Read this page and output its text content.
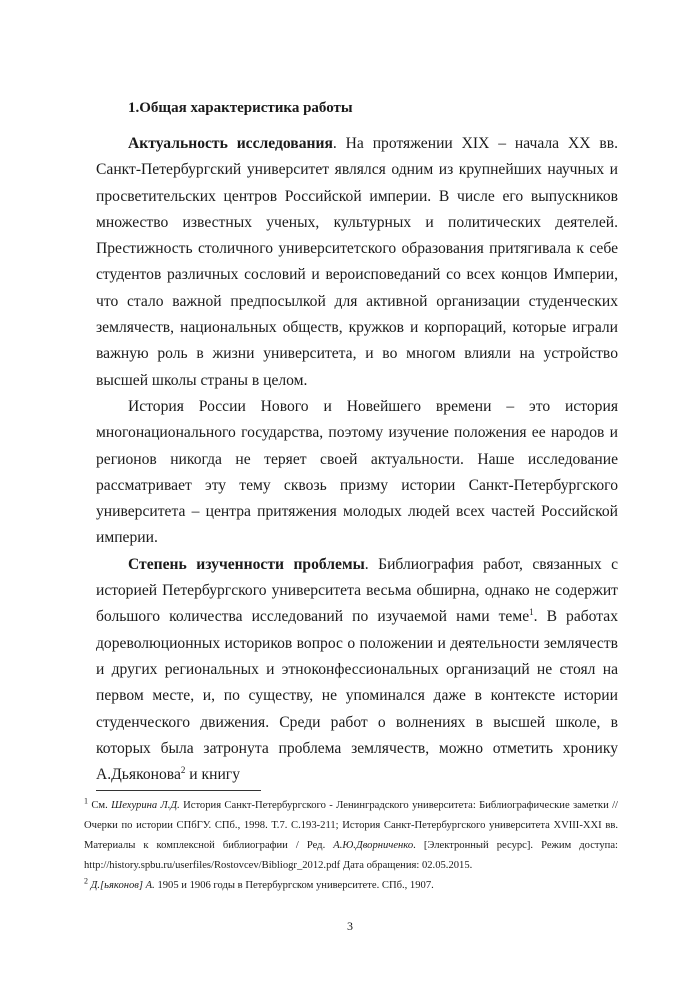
1.Общая характеристика работы

Актуальность исследования. На протяжении XIX – начала XX вв. Санкт-Петербургский университет являлся одним из крупнейших научных и просветительских центров Российской империи. В числе его выпускников множество известных ученых, культурных и политических деятелей. Престижность столичного университетского образования притягивала к себе студентов различных сословий и вероисповеданий со всех концов Империи, что стало важной предпосылкой для активной организации студенческих землячеств, национальных обществ, кружков и корпораций, которые играли важную роль в жизни университета, и во многом влияли на устройство высшей школы страны в целом.

История России Нового и Новейшего времени – это история многонационального государства, поэтому изучение положения ее народов и регионов никогда не теряет своей актуальности. Наше исследование рассматривает эту тему сквозь призму истории Санкт-Петербургского университета – центра притяжения молодых людей всех частей Российской империи.

Степень изученности проблемы. Библиография работ, связанных с историей Петербургского университета весьма обширна, однако не содержит большого количества исследований по изучаемой нами теме$^1$. В работах дореволюционных историков вопрос о положении и деятельности землячеств и других региональных и этноконфессиональных организаций не стоял на первом месте, и, по существу, не упоминался даже в контексте истории студенческого движения. Среди работ о волнениях в высшей школе, в которых была затронута проблема землячеств, можно отметить хронику А.Дьяконова$^2$ и книгу

$^1$ См. Шехурина Л.Д. История Санкт-Петербургского - Ленинградского университета: Библиографические заметки // Очерки по истории СПбГУ. СПб., 1998. Т.7. С.193-211; История Санкт-Петербургского университета XVIII-XXI вв. Материалы к комплексной библиографии / Ред. А.Ю.Дворниченко. [Электронный ресурс]. Режим доступа: http://history.spbu.ru/userfiles/Rostovcev/Bibliogr_2012.pdf Дата обращения: 02.05.2015.

$^2$ Д.[ьяконов] А. 1905 и 1906 годы в Петербургском университете. СПб., 1907.

3
